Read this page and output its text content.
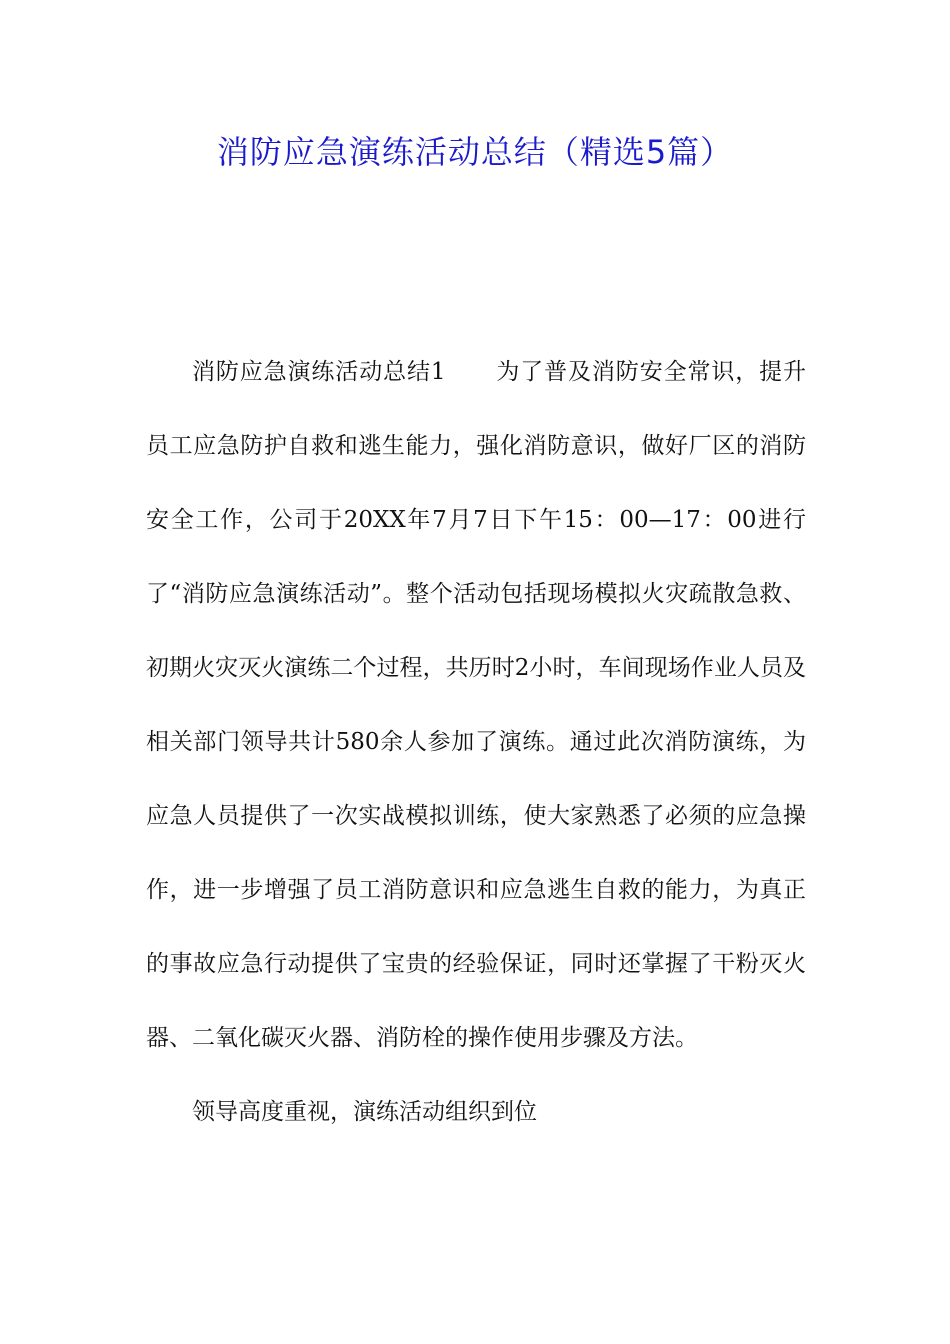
消防应急演练活动总结（精选5篇）

消防应急演练活动总结1 为了普及消防安全常识，提升员工应急防护自救和逃生能力，强化消防意识，做好厂区的消防安全工作，公司于20XX年7月7日下午15：00—17：00进行了“消防应急演练活动”。整个活动包括现场模拟火灾疏散急救、初期火灾灭火演练二个过程，共历时2小时，车间现场作业人员及相关部门领导共计580余人参加了演练。通过此次消防演练，为应急人员提供了一次实战模拟训练，使大家熟悉了必须的应急操作，进一步增强了员工消防意识和应急逃生自救的能力，为真正的事故应急行动提供了宝贵的经验保证，同时还掌握了干粉灭火器、二氧化碳灭火器、消防栓的操作使用步骤及方法。

领导高度重视，演练活动组织到位
